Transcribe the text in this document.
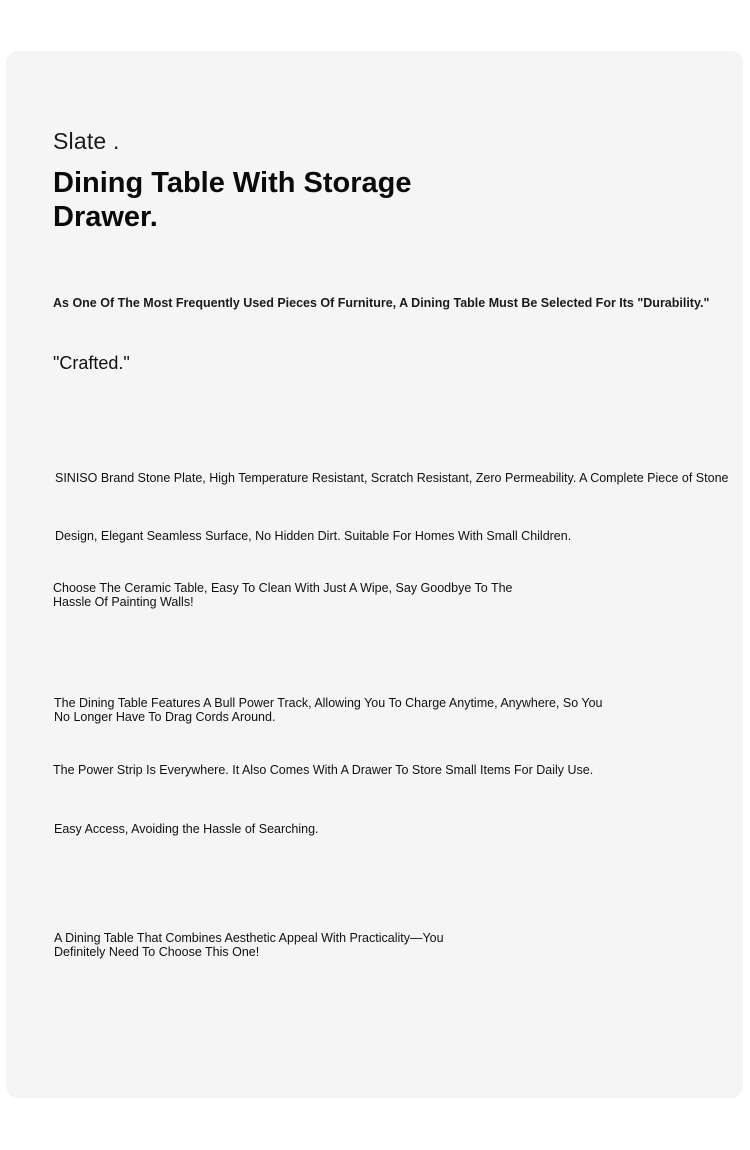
Slate .
Dining Table With Storage Drawer.
As One Of The Most Frequently Used Pieces Of Furniture, A Dining Table Must Be Selected For Its "Durability."
"Crafted."
SINISO Brand Stone Plate, High Temperature Resistant, Scratch Resistant, Zero Permeability. A Complete Piece of Stone
Design, Elegant Seamless Surface, No Hidden Dirt. Suitable For Homes With Small Children.
Choose The Ceramic Table, Easy To Clean With Just A Wipe, Say Goodbye To The Hassle Of Painting Walls!
The Dining Table Features A Bull Power Track, Allowing You To Charge Anytime, Anywhere, So You No Longer Have To Drag Cords Around.
The Power Strip Is Everywhere. It Also Comes With A Drawer To Store Small Items For Daily Use.
Easy Access, Avoiding the Hassle of Searching.
A Dining Table That Combines Aesthetic Appeal With Practicality—You Definitely Need To Choose This One!
